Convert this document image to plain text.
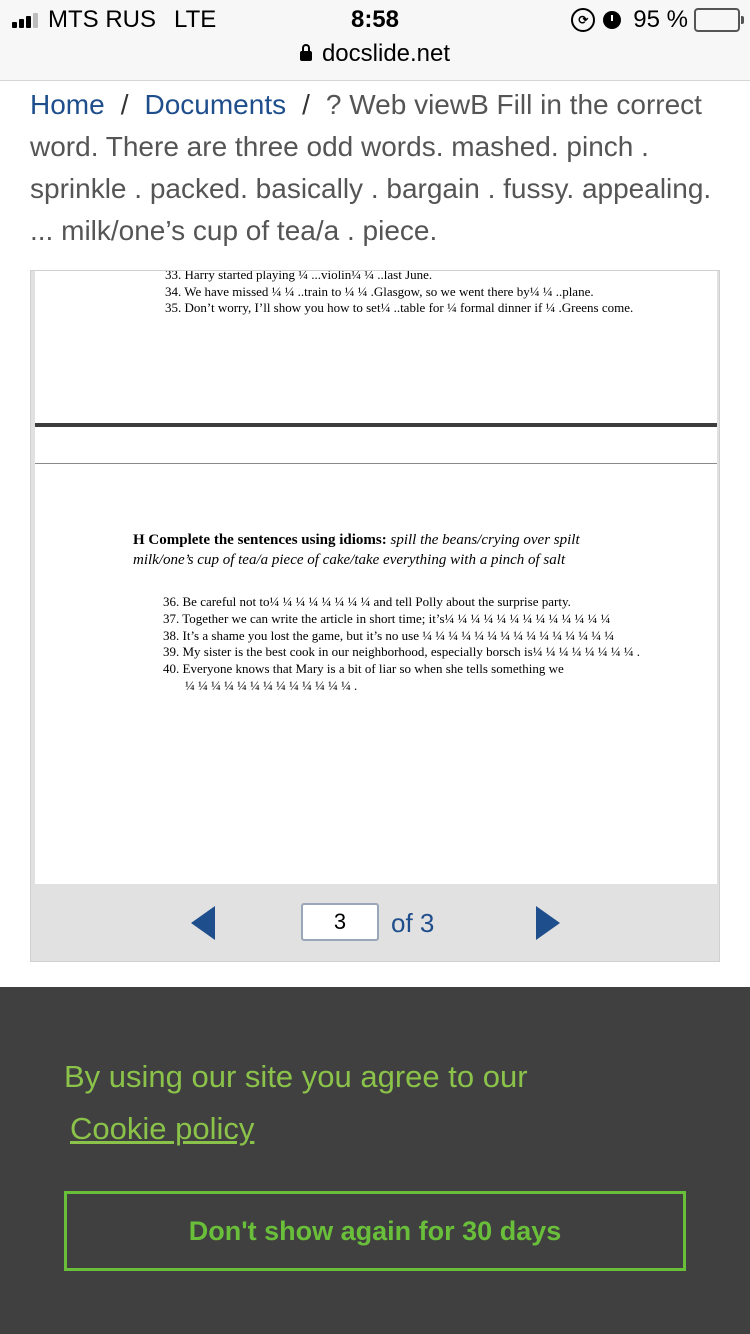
MTS RUS LTE	8:58	⟳ 95 %
docslide.net
Home / Documents / ? Web viewB Fill in the correct word. There are three odd words. mashed. pinch . sprinkle . packed. basically . bargain . fussy. appealing. ... milk/one’s cup of tea/a . piece.
33. Harry started playing ¼ ...violin¼ ¼ ..last June.
34. We have missed ¼ ¼ ..train to ¼ ¼ .Glasgow, so we went there by¼ ¼ ..plane.
35. Don’t worry, I’ll show you how to set¼ ..table for ¼ formal dinner if ¼ .Greens come.
H Complete the sentences using idioms: spill the beans/crying over spilt milk/one’s cup of tea/a piece of cake/take everything with a pinch of salt
36. Be careful not to¼ ¼ ¼ ¼ ¼ ¼ ¼ ¼ and tell Polly about the surprise party.
37. Together we can write the article in short time; it’s¼ ¼ ¼ ¼ ¼ ¼ ¼ ¼ ¼ ¼ ¼ ¼ ¼
38. It’s a shame you lost the game, but it’s no use ¼ ¼ ¼ ¼ ¼ ¼ ¼ ¼ ¼ ¼ ¼ ¼ ¼ ¼ ¼
39. My sister is the best cook in our neighborhood, especially borsch is¼ ¼ ¼ ¼ ¼ ¼ ¼ ¼ .
40. Everyone knows that Mary is a bit of liar so when she tells something we
¼ ¼ ¼ ¼ ¼ ¼ ¼ ¼ ¼ ¼ ¼ ¼ ¼ .
3
of 3
By using our site you agree to our
Cookie policy
Don't show again for 30 days
